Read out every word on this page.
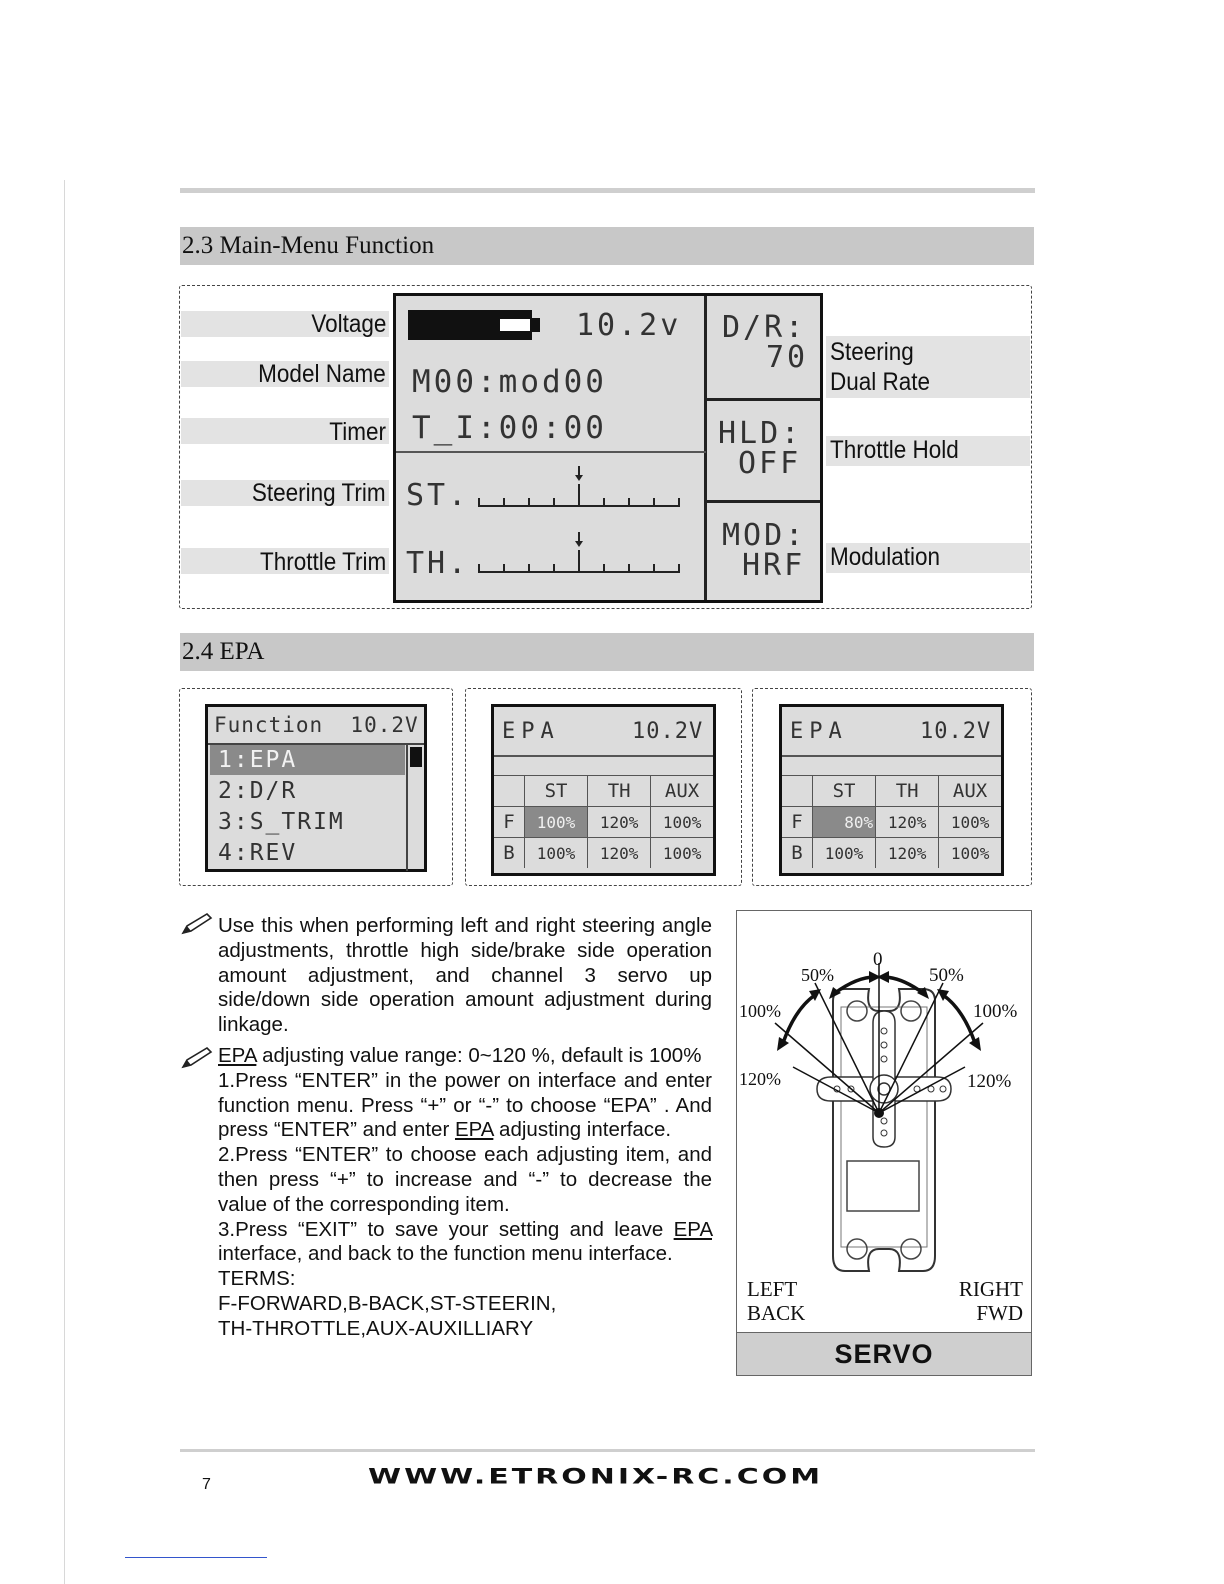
2.3 Main-Menu Function
Voltage
Model Name
Timer
Steering Trim
Throttle Trim
Steering
Dual Rate
Throttle Hold
Modulation
10.2v
M00:mod00
T_I:00:00
ST.
TH.
D/R:
70
HLD:
OFF
MOD:
HRF
2.4 EPA
Function  10.2V
1:EPA
2:D/R
3:S_TRIM
4:REV
EPA	10.2V
	ST	TH	AUX
F	100%	120%	100%
B	100%	120%	100%
EPA	10.2V
	ST	TH	AUX
F	80%	120%	100%
B	100%	120%	100%

Use this when performing left and right steering angle adjustments, throttle high side/brake side operation amount adjustment, and channel 3 servo up side/down side operation amount adjustment during linkage.

EPA adjusting value range: 0~120 %, default is 100%

1.Press “ENTER” in the power on interface and enter function menu. Press “+” or “-” to choose “EPA” . And press “ENTER” and enter EPA adjusting interface.

2.Press “ENTER” to choose each adjusting item, and then press “+” to increase and “-” to decrease the value of the corresponding item.

3.Press “EXIT” to save your setting and leave EPA interface, and back to the function menu interface.

TERMS:

F-FORWARD,B-BACK,ST-STEERIN,

TH-THROTTLE,AUX-AUXILLIARY

0
50%	50%
100%	100%
120%	120%
LEFT
BACK
RIGHT
FWD
SERVO
7	WWW.ETRONIX-RC.COM
